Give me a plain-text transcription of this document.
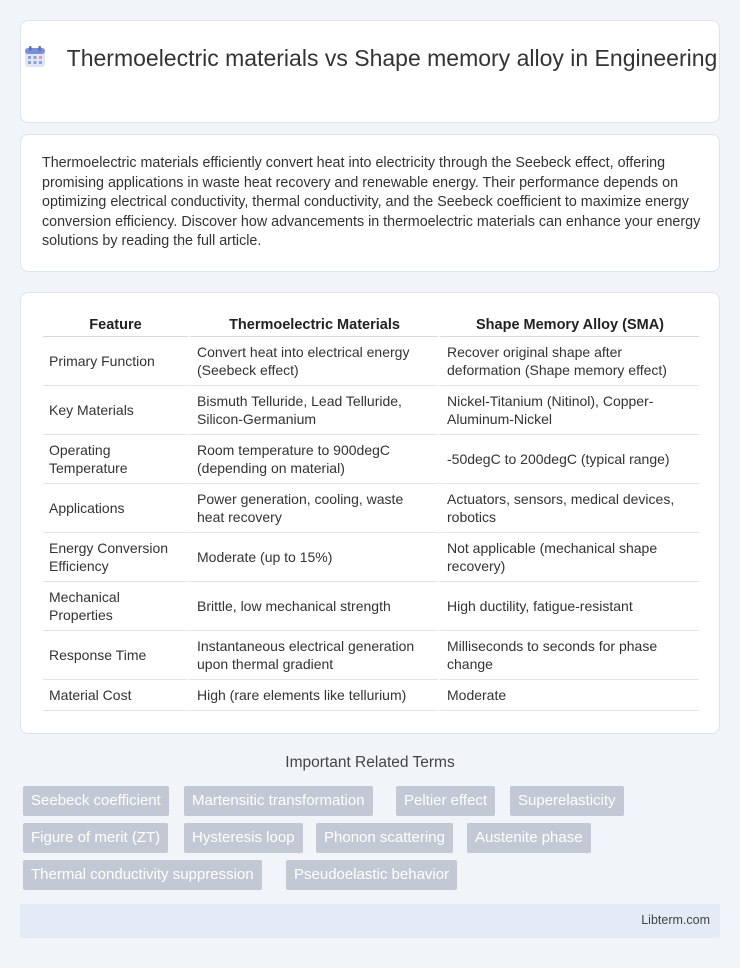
Thermoelectric materials vs Shape memory alloy in Engineering

Thermoelectric materials efficiently convert heat into electricity through the Seebeck effect, offering promising applications in waste heat recovery and renewable energy. Their performance depends on optimizing electrical conductivity, thermal conductivity, and the Seebeck coefficient to maximize energy conversion efficiency. Discover how advancements in thermoelectric materials can enhance your energy solutions by reading the full article.

Feature	Thermoelectric Materials	Shape Memory Alloy (SMA)
Primary Function	Convert heat into electrical energy (Seebeck effect)	Recover original shape after deformation (Shape memory effect)
Key Materials	Bismuth Telluride, Lead Telluride, Silicon-Germanium	Nickel-Titanium (Nitinol), Copper-Aluminum-Nickel
Operating Temperature	Room temperature to 900degC (depending on material)	-50degC to 200degC (typical range)
Applications	Power generation, cooling, waste heat recovery	Actuators, sensors, medical devices, robotics
Energy Conversion Efficiency	Moderate (up to 15%)	Not applicable (mechanical shape recovery)
Mechanical Properties	Brittle, low mechanical strength	High ductility, fatigue-resistant
Response Time	Instantaneous electrical generation upon thermal gradient	Milliseconds to seconds for phase change
Material Cost	High (rare elements like tellurium)	Moderate
Important Related Terms
Seebeck coefficient	Martensitic transformation	Peltier effect	Superelasticity
Figure of merit (ZT)	Hysteresis loop	Phonon scattering	Austenite phase
Thermal conductivity suppression	Pseudoelastic behavior
Libterm.com
